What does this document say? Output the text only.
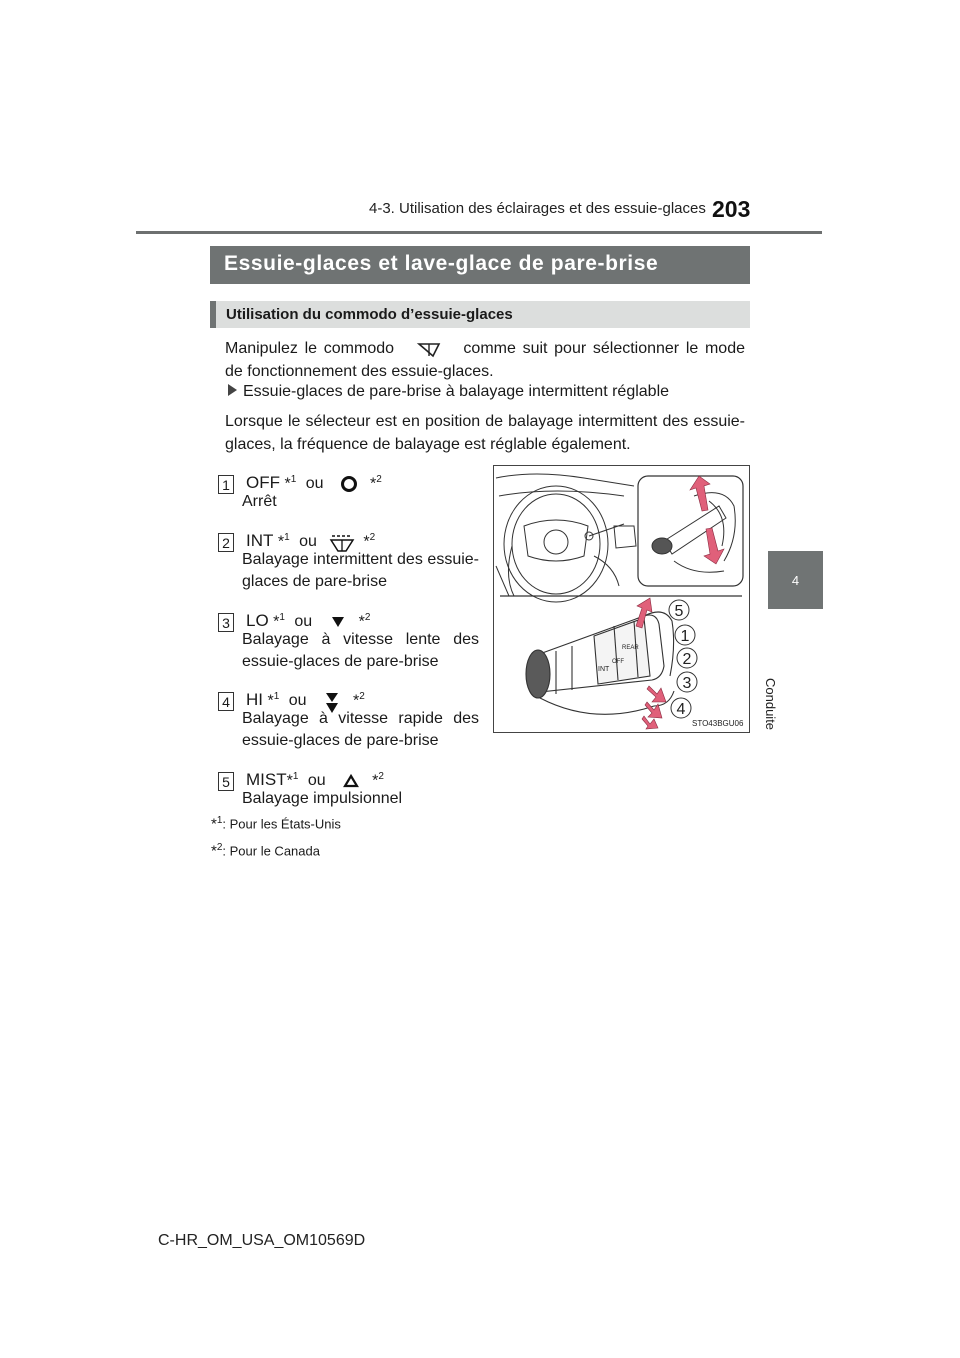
4-3. Utilisation des éclairages et des essuie-glaces 203
4
Conduite
Essuie-glaces et lave-glace de pare-brise
Utilisation du commodo d’essuie-glaces
Manipulez le commodo	comme suit pour sélectionner le mode de fonctionnement des essuie-glaces.
Essuie-glaces de pare-brise à balayage intermittent réglable
Lorsque le sélecteur est en position de balayage intermittent des essuie-glaces, la fréquence de balayage est réglable également.
1 OFF *$^1$ ou	*$^2$
Arrêt
2 INT *$^1$ ou	*$^2$
Balayage intermittent des essuie-glaces de pare-brise
3 LO *$^1$ ou	*$^2$
Balayage à vitesse lente des essuie-glaces de pare-brise
4 HI *$^1$ ou	*$^2$
Balayage à vitesse rapide des essuie-glaces de pare-brise
5 MIST*$^1$ ou	*$^2$
Balayage impulsionnel
*$^1$: Pour les États-Unis
*$^2$: Pour le Canada
INT
OFF
REAR
5
1
2
3
4
STO43BGU06
C-HR_OM_USA_OM10569D
